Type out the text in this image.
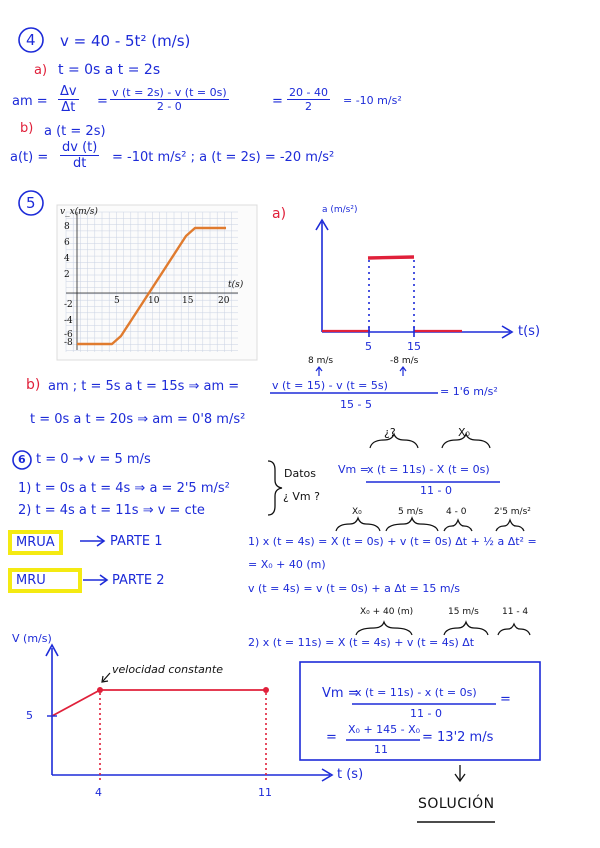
4 v = 40 - 5t² (m/s)
a) t = 0s a t = 2s
am = $\frac{\Delta v}{\Delta t} = \frac{v (t = 2s) - v (t = 0s)}{2 - 0}$	= $\frac{20 - 40}{2} = -10$ m/s²
b) a (t = 2s)
$a(t) = \frac{dv (t)}{dt} = -10t$ m/s² ; a (t = 2s) = -20 m/s²
5	v_x(m/s)
t(s)
8
6
4
2
-2
-4
-6
-8
5	10	15	20
a)	a (m/s²)
t(s)
5	15
8 m/s	-8 m/s
b) am ; t = 5s a t = 15s ⇒ am =	v (t = 15) - v (t = 5s)
15 - 5
= 1'6 m/s²
t = 0s a t = 20s ⇒ am = 0'8 m/s²
6 t = 0 → v = 5 m/s
1) t = 0s a t = 4s ⇒ a = 2'5 m/s²
2) t = 4s a t = 11s ⇒ v = cte
Datos
¿ Vm ?
¿?	X₀
Vm =
x (t = 11s) - X (t = 0s)
11 - 0
MRUA	PARTE 1
MRU	PARTE 2
X₀	5 m/s	4 - 0	2'5 m/s²
1) x (t = 4s) = X (t = 0s) + v (t = 0s) Δt + ½ a Δt² =
= X₀ + 40 (m)
v (t = 4s) = v (t = 0s) + a Δt = 15 m/s
X₀ + 40 (m)	15 m/s	11 - 4
2) x (t = 11s) = X (t = 4s) + v (t = 4s) Δt
V (m/s)
t (s)
5
4	11
velocidad constante
Vm =
x (t = 11s) - x (t = 0s)
11 - 0
=
=
X₀ + 145 - X₀
11
= 13'2 m/s
SOLUCIÓN
